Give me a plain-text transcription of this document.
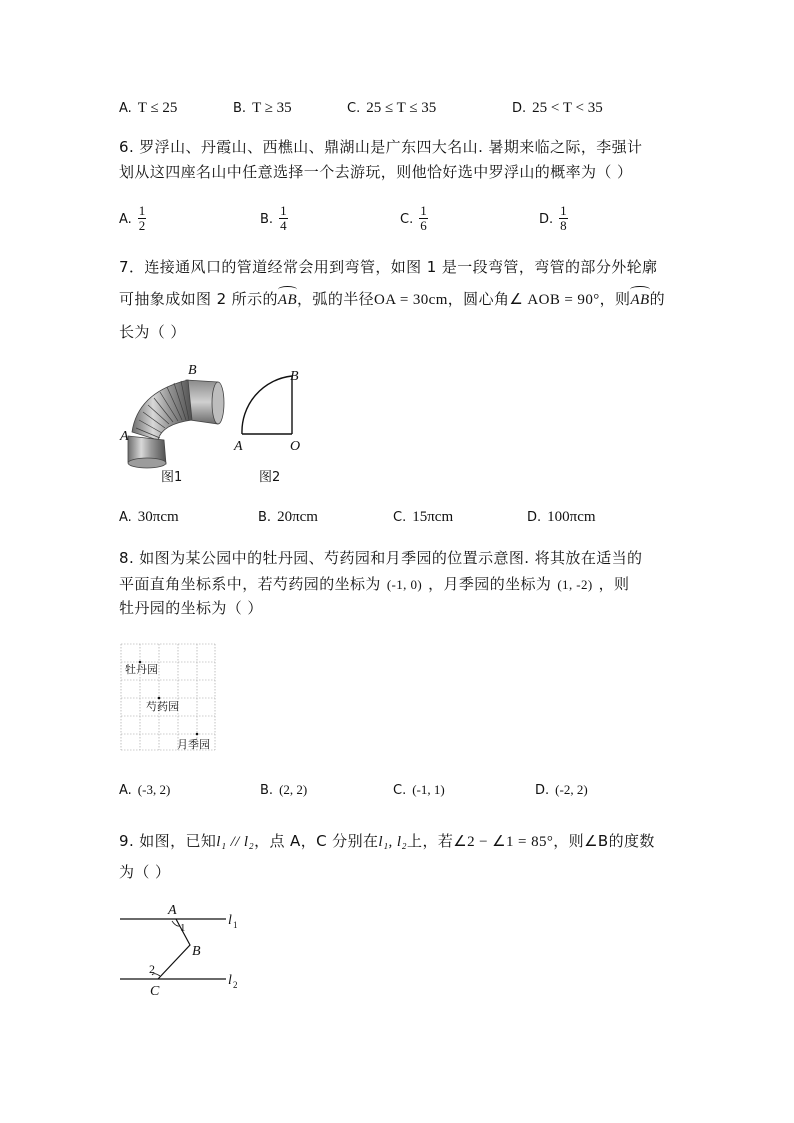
A. T ≤ 25	B. T ≥ 35	C. 25 ≤ T ≤ 35	D. 25 < T < 35
6. 罗浮山、丹霞山、西樵山、鼎湖山是广东四大名山. 暑期来临之际，李强计
划从这四座名山中任意选择一个去游玩，则他恰好选中罗浮山的概率为（ ）
A. $\frac{1}{2}$	B. $\frac{1}{4}$	C. $\frac{1}{6}$	D. $\frac{1}{8}$
7．连接通风口的管道经常会用到弯管，如图 1 是一段弯管，弯管的部分外轮廓
可抽象成如图 2 所示的AB，弧的半径OA = 30cm，圆心角∠ AOB = 90°，则AB的
长为（ ）
B
A
图1
B
A	O
图2
A. 30πcm	B. 20πcm	C. 15πcm	D. 100πcm
8. 如图为某公园中的牡丹园、芍药园和月季园的位置示意图. 将其放在适当的
平面直角坐标系中，若芍药园的坐标为 (-1, 0) ，月季园的坐标为 (1, -2) ，则
牡丹园的坐标为（ ）
牡丹园
芍药园
月季园
A. (-3, 2)	B. (2, 2)	C. (-1, 1)	D. (-2, 2)
9. 如图，已知l₁ // l₂，点 A，C 分别在l₁, l₂上，若∠2 − ∠1 = 85°，则∠B的度数
为（ ）
A
1
B
2
C
l 1
l 2
